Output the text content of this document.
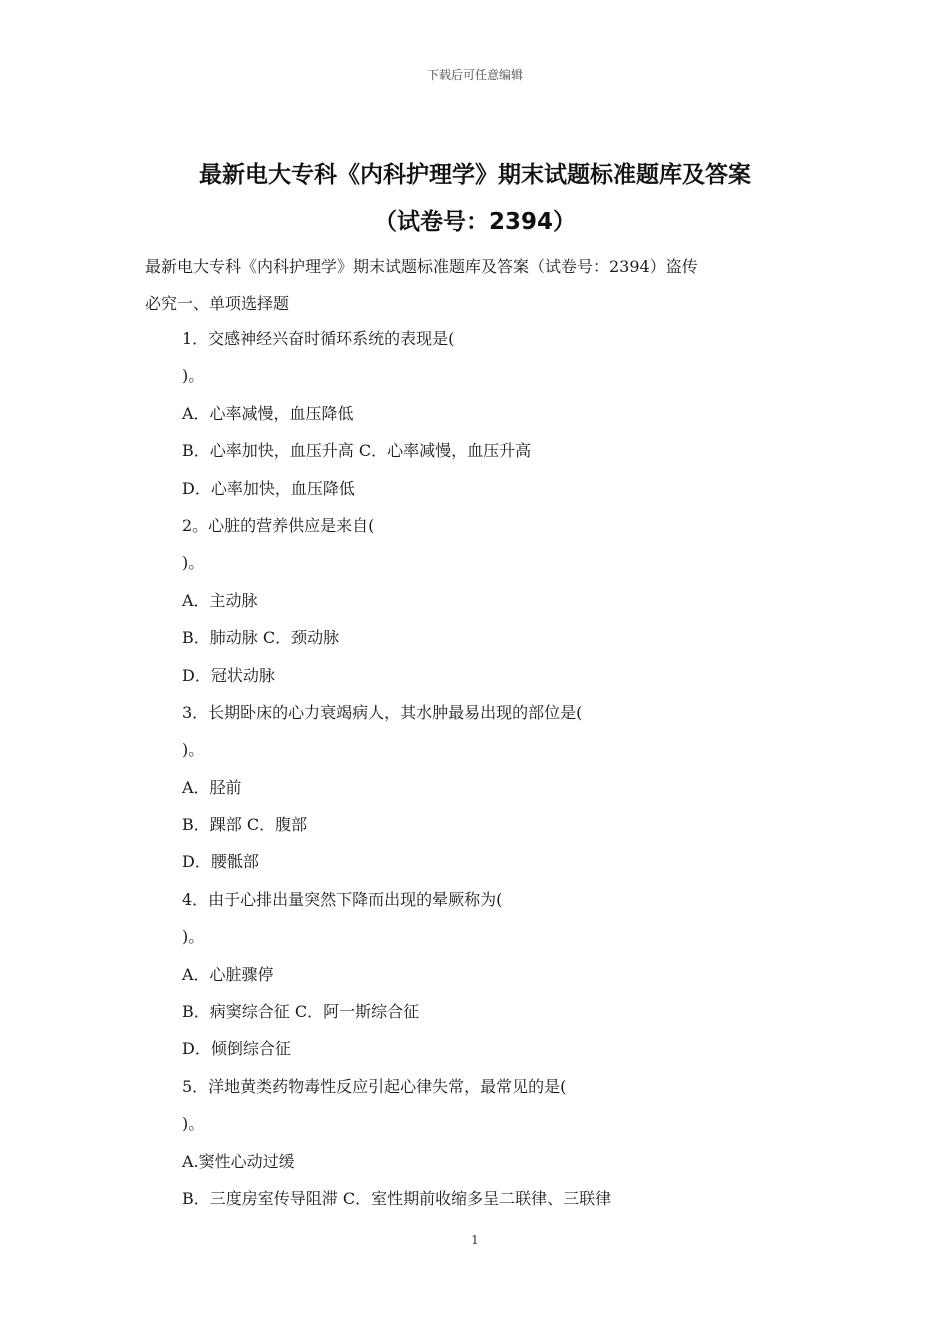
下载后可任意编辑
最新电大专科《内科护理学》期末试题标准题库及答案
（试卷号：2394）
最新电大专科《内科护理学》期末试题标准题库及答案（试卷号：2394）盗传
必究一、单项选择题
1．交感神经兴奋时循环系统的表现是(
)。
A．心率减慢，血压降低
B．心率加快，血压升高 C．心率减慢，血压升高
D．心率加快，血压降低
2。心脏的营养供应是来自(
)。
A．主动脉
B．肺动脉 C．颈动脉
D．冠状动脉
3．长期卧床的心力衰竭病人，其水肿最易出现的部位是(
)。
A．胫前
B．踝部 C．腹部
D．腰骶部
4．由于心排出量突然下降而出现的晕厥称为(
)。
A．心脏骤停
B．病窦综合征 C．阿一斯综合征
D．倾倒综合征
5．洋地黄类药物毒性反应引起心律失常，最常见的是(
)。
A.窦性心动过缓
B．三度房室传导阻滞 C．室性期前收缩多呈二联律、三联律
1
